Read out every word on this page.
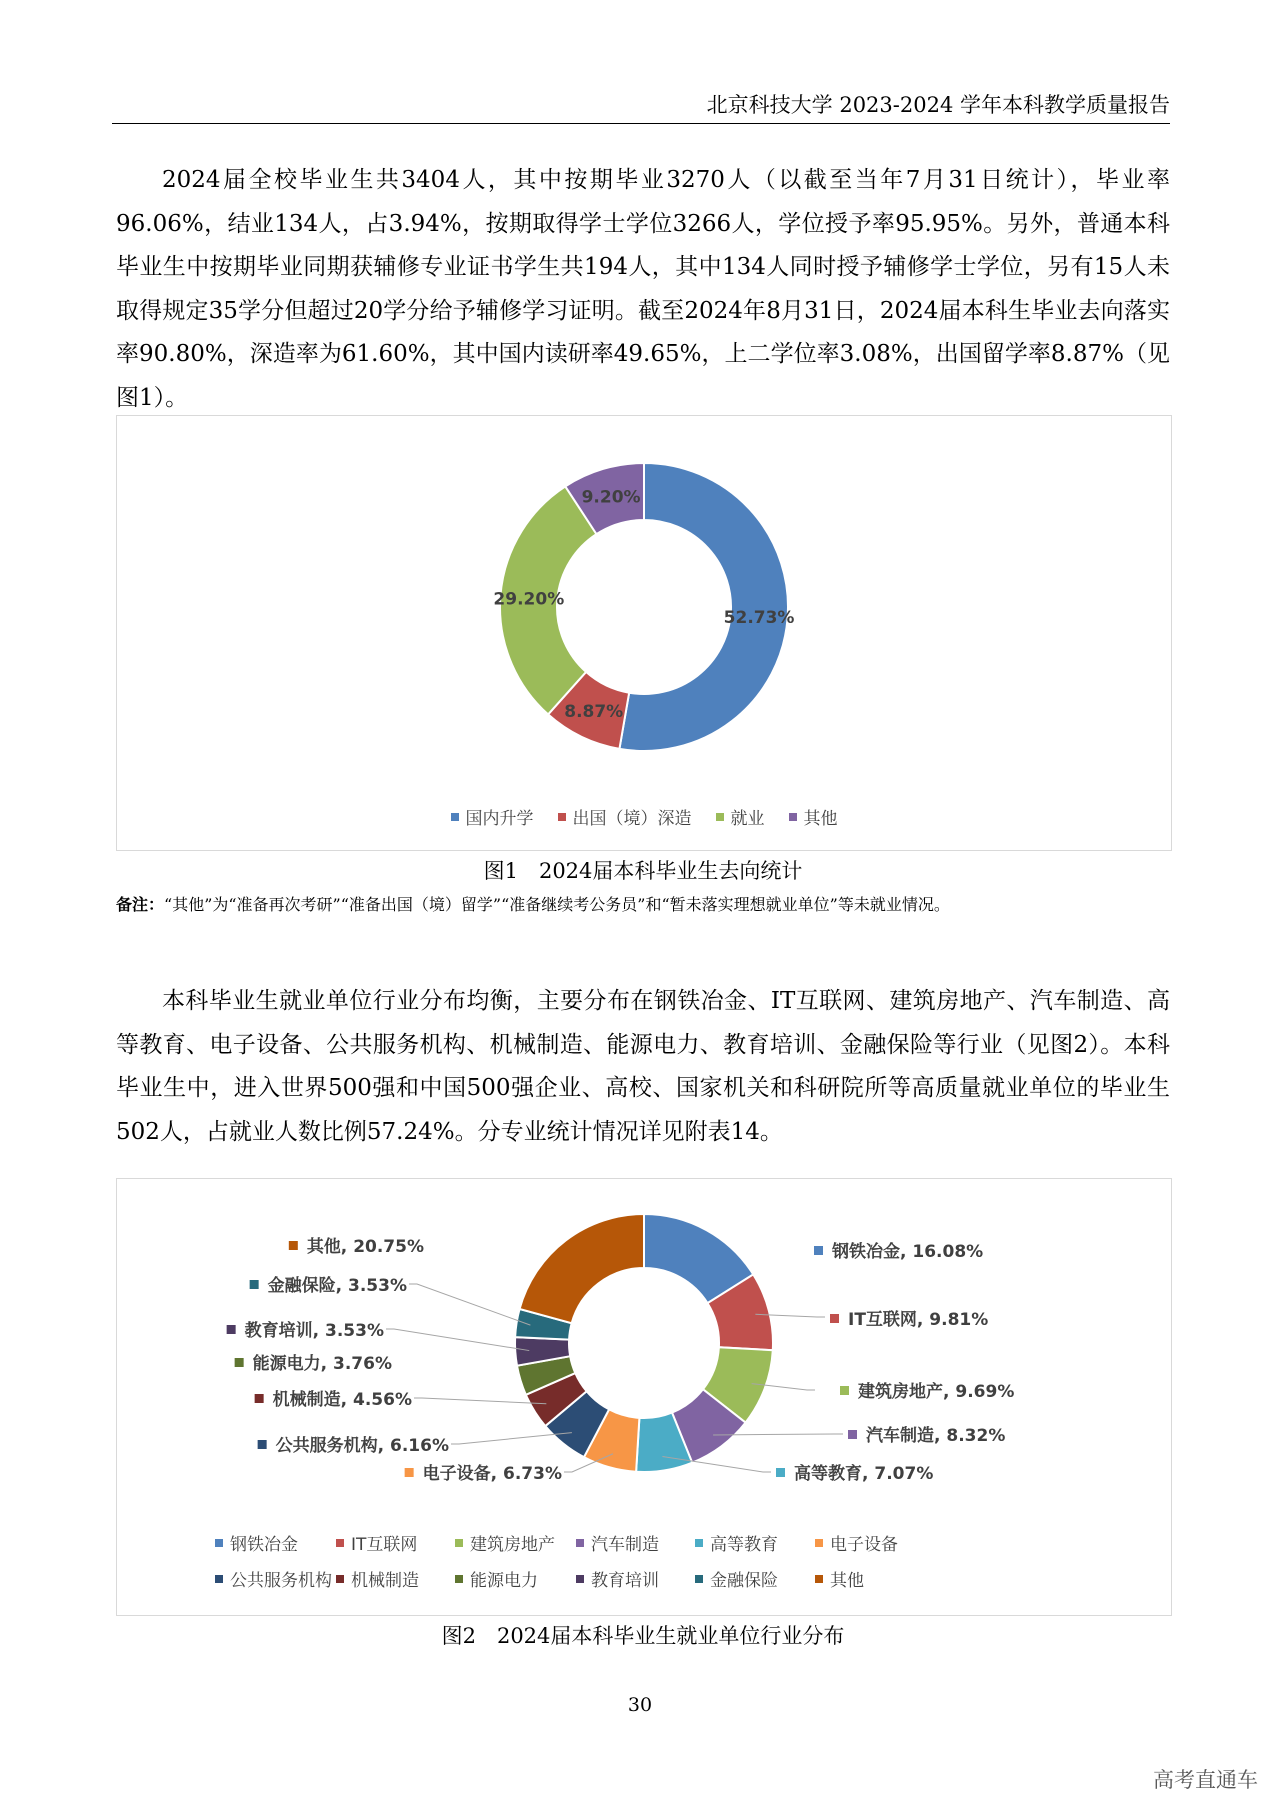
北京科技大学 2023-2024 学年本科教学质量报告

2024届全校毕业生共3404人，其中按期毕业3270人（以截至当年7月31日统计），毕业率96.06%，结业134人，占3.94%，按期取得学士学位3266人，学位授予率95.95%。另外，普通本科毕业生中按期毕业同期获辅修专业证书学生共194人，其中134人同时授予辅修学士学位，另有15人未取得规定35学分但超过20学分给予辅修学习证明。截至2024年8月31日，2024届本科生毕业去向落实率90.80%，深造率为61.60%，其中国内读研率49.65%，上二学位率3.08%，出国留学率8.87%（见图1）。

52.73%
8.87%
29.20%
9.20%
国内升学 出国（境）深造 就业 其他
图1　2024届本科毕业生去向统计
备注：“其他”为“准备再次考研”“准备出国（境）留学”“准备继续考公务员”和“暂未落实理想就业单位”等未就业情况。

本科毕业生就业单位行业分布均衡，主要分布在钢铁冶金、IT互联网、建筑房地产、汽车制造、高等教育、电子设备、公共服务机构、机械制造、能源电力、教育培训、金融保险等行业（见图2）。本科毕业生中，进入世界500强和中国500强企业、高校、国家机关和科研院所等高质量就业单位的毕业生502人，占就业人数比例57.24%。分专业统计情况详见附表14。

钢铁冶金, 16.08%
IT互联网, 9.81%
建筑房地产, 9.69%
汽车制造, 8.32%
高等教育, 7.07%
电子设备, 6.73%
公共服务机构, 6.16%
机械制造, 4.56%
能源电力, 3.76%
教育培训, 3.53%
金融保险, 3.53%
其他, 20.75%
钢铁冶金	IT互联网	建筑房地产 汽车制造	高等教育	电子设备
公共服务机构 机械制造	能源电力	教育培训	金融保险	其他
图2　2024届本科毕业生就业单位行业分布
30
高考直通车
